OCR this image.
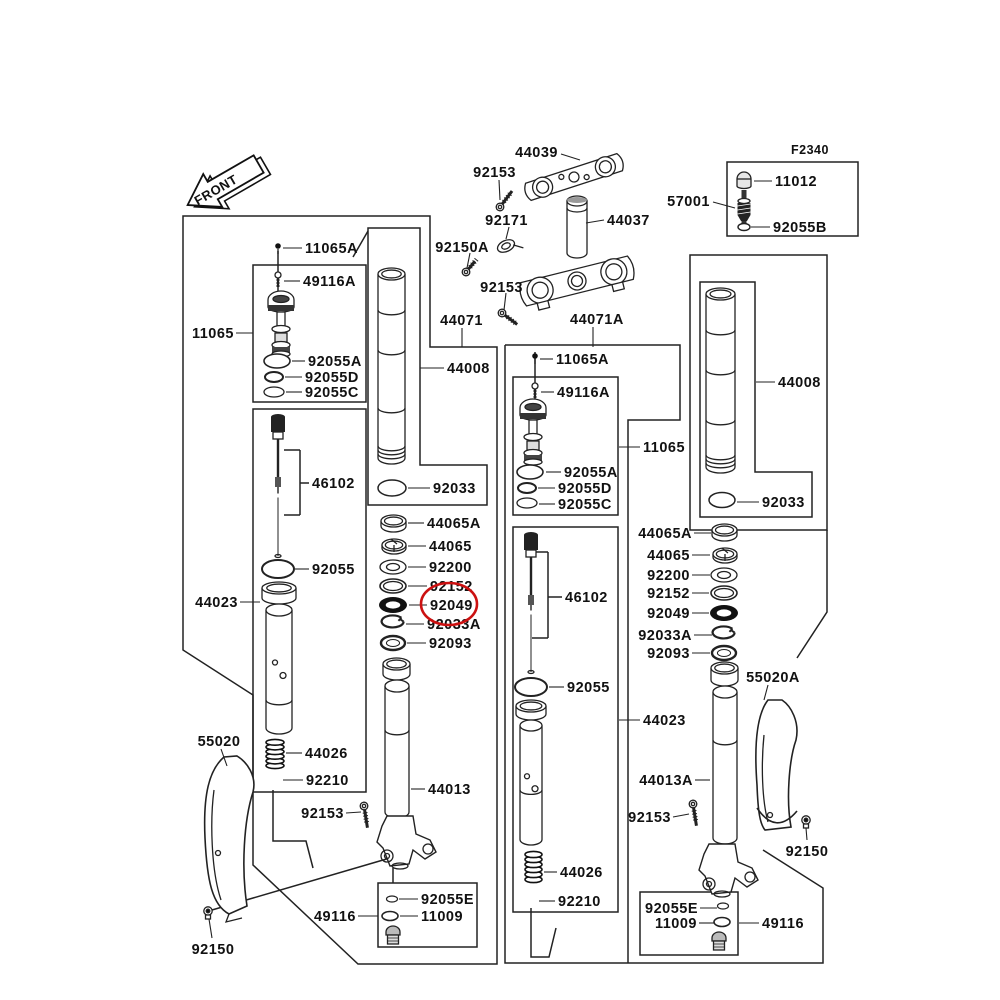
F2340
44039
92153
92171	44037
92150A
92153
44071	44071A
57001
11012
92055B
11065A
49116A
11065
92055A
92055D
92055C
46102
92055
44023
44026
92210
55020
92150
44008
92033
44065A
44065
92200
92152
92049
92033A
92093
44013
92153
92055E
11009
49116
11065A
49116A
11065
92055A
92055D
92055C
46102
92055
44023
44026
92210
44008
92033
44065A
44065
92200
92152
92049
92033A
92093
55020A
44013A
92153
92150
92055E
11009	49116
FRONT
